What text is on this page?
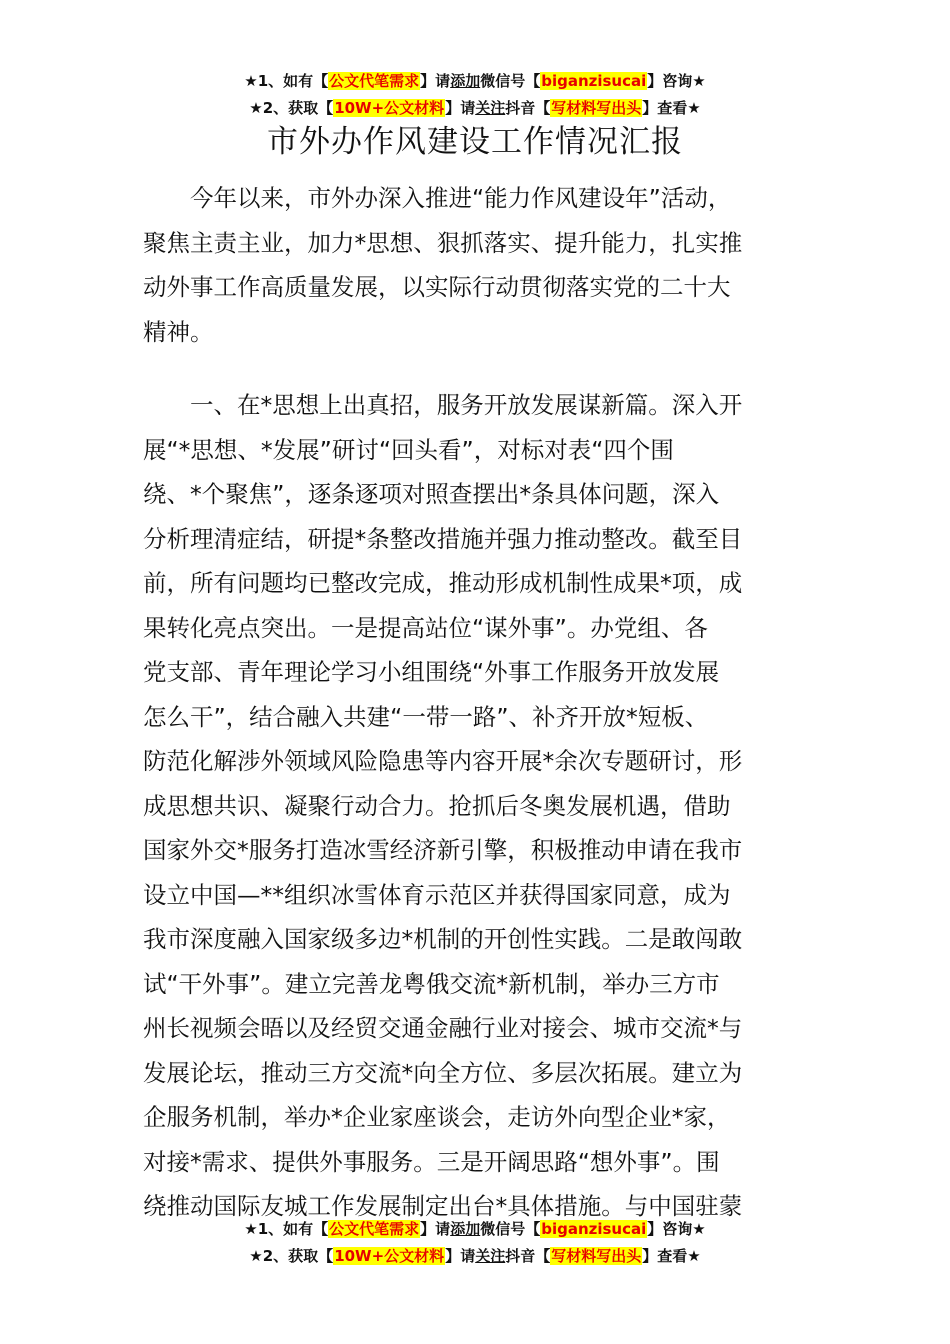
★1、如有【公文代笔需求】请添加微信号【biganzisucai】咨询★
★2、获取【10W+公文材料】请关注抖音【写材料写出头】查看★
市外办作风建设工作情况汇报
今年以来，市外办深入推进“能力作风建设年”活动，
聚焦主责主业，加力*思想、狠抓落实、提升能力，扎实推
动外事工作高质量发展，以实际行动贯彻落实党的二十大
精神。
一、在*思想上出真招，服务开放发展谋新篇。深入开
展“*思想、*发展”研讨“回头看”，对标对表“四个围
绕、*个聚焦”，逐条逐项对照查摆出*条具体问题，深入
分析理清症结，研提*条整改措施并强力推动整改。截至目
前，所有问题均已整改完成，推动形成机制性成果*项，成
果转化亮点突出。一是提高站位“谋外事”。办党组、各
党支部、青年理论学习小组围绕“外事工作服务开放发展
怎么干”，结合融入共建“一带一路”、补齐开放*短板、
防范化解涉外领域风险隐患等内容开展*余次专题研讨，形
成思想共识、凝聚行动合力。抢抓后冬奥发展机遇，借助
国家外交*服务打造冰雪经济新引擎，积极推动申请在我市
设立中国—**组织冰雪体育示范区并获得国家同意，成为
我市深度融入国家级多边*机制的开创性实践。二是敢闯敢
试“干外事”。建立完善龙粤俄交流*新机制，举办三方市
州长视频会晤以及经贸交通金融行业对接会、城市交流*与
发展论坛，推动三方交流*向全方位、多层次拓展。建立为
企服务机制，举办*企业家座谈会，走访外向型企业*家，
对接*需求、提供外事服务。三是开阔思路“想外事”。围
绕推动国际友城工作发展制定出台*具体措施。与中国驻蒙
★1、如有【公文代笔需求】请添加微信号【biganzisucai】咨询★
★2、获取【10W+公文材料】请关注抖音【写材料写出头】查看★
